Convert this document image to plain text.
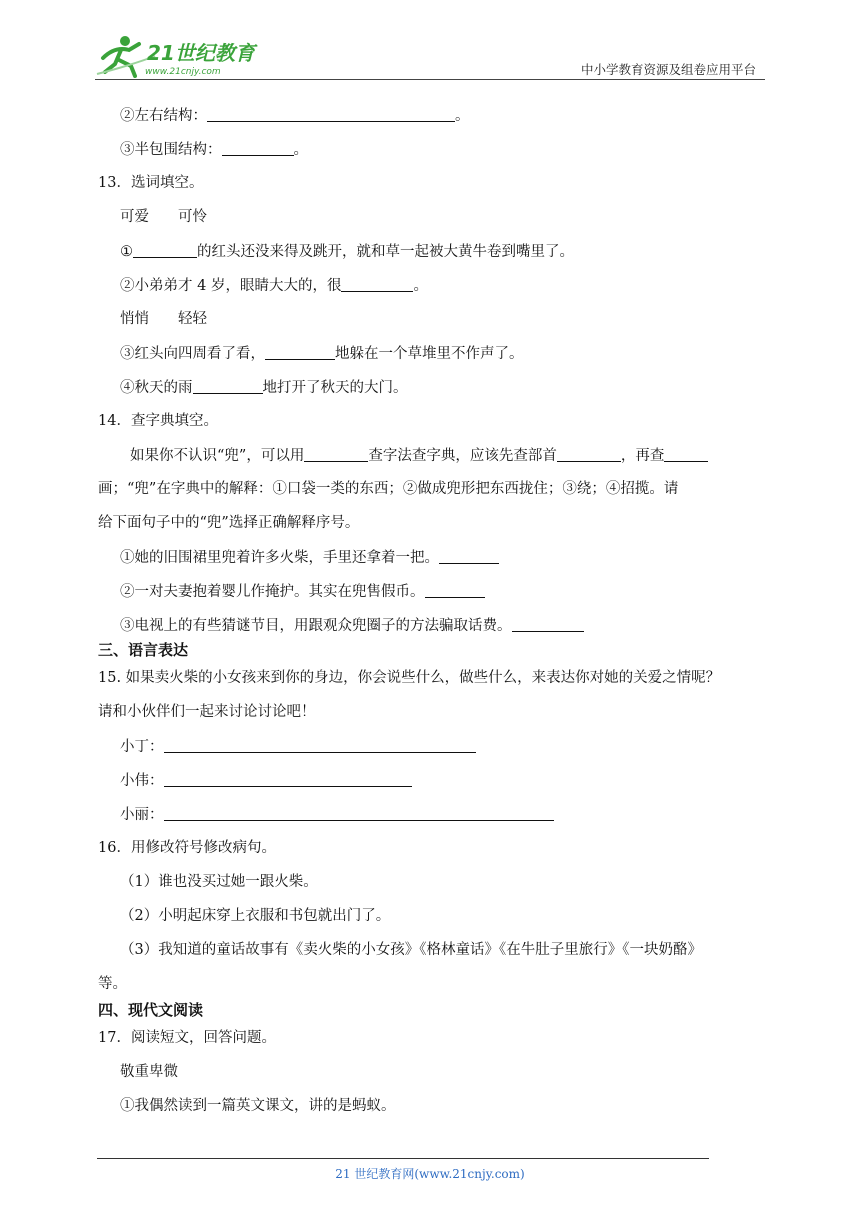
21世纪教育
www.21cnjy.com	中小学教育资源及组卷应用平台
②左右结构：	。
③半包围结构：	。
13．选词填空。
可爱　　可怜
①	的红头还没来得及跳开，就和草一起被大黄牛卷到嘴里了。
②小弟弟才 4 岁，眼睛大大的，很	。
悄悄　　轻轻
③红头向四周看了看，	地躲在一个草堆里不作声了。
④秋天的雨	地打开了秋天的大门。
14．查字典填空。
如果你不认识“兜”，可以用	查字法查字典，应该先查部首	，再查
画；“兜”在字典中的解释：①口袋一类的东西；②做成兜形把东西拢住；③绕；④招揽。请
给下面句子中的“兜”选择正确解释序号。
①她的旧围裙里兜着许多火柴，手里还拿着一把。
②一对夫妻抱着婴儿作掩护。其实在兜售假币。
③电视上的有些猜谜节目，用跟观众兜圈子的方法骗取话费。
三、语言表达
15. 如果卖火柴的小女孩来到你的身边，你会说些什么，做些什么，来表达你对她的关爱之情呢？
请和小伙伴们一起来讨论讨论吧！
小丁：
小伟：
小丽：
16．用修改符号修改病句。
（1）谁也没买过她一跟火柴。
（2）小明起床穿上衣服和书包就出门了。
（3）我知道的童话故事有《卖火柴的小女孩》《格林童话》《在牛肚子里旅行》《一块奶酪》
等。
四、现代文阅读
17．阅读短文，回答问题。
敬重卑微
①我偶然读到一篇英文课文，讲的是蚂蚁。
21 世纪教育网(www.21cnjy.com)
